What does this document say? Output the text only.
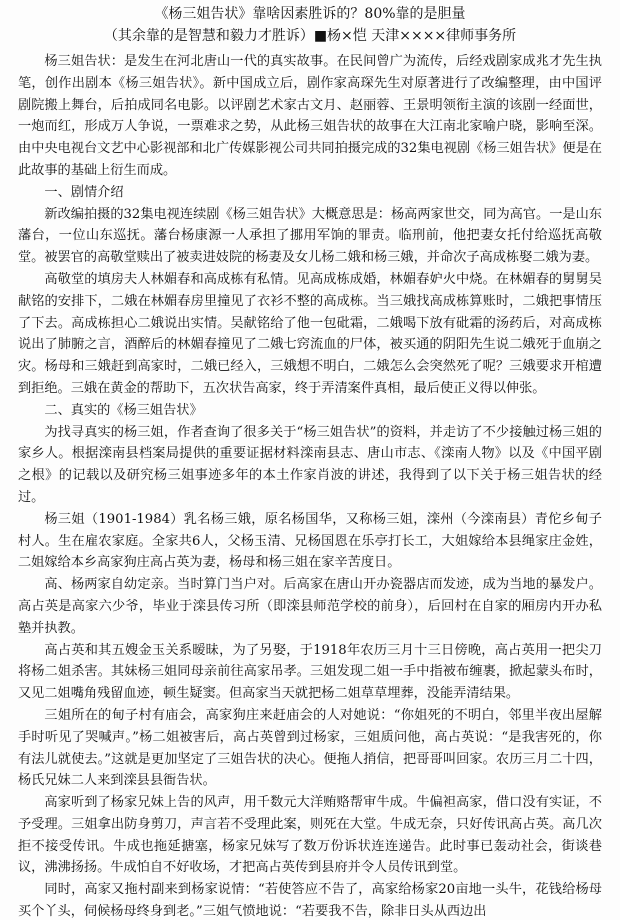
《杨三姐告状》靠啥因素胜诉的？80%靠的是胆量
（其余靠的是智慧和毅力才胜诉）■杨×恺 天津××××律师事务所

杨三姐告状：是发生在河北唐山一代的真实故事。在民间曾广为流传，后经戏剧家成兆才先生执笔，创作出剧本《杨三姐告状》。新中国成立后，剧作家高琛先生对原著进行了改编整理，由中国评剧院搬上舞台，后拍成同名电影。以评剧艺术家古文月、赵丽蓉、王景明领衔主演的该剧一经面世，一炮而红，形成万人争说，一票难求之势，从此杨三姐告状的故事在大江南北家喻户晓，影响至深。由中央电视台文艺中心影视部和北广传媒影视公司共同拍摄完成的32集电视剧《杨三姐告状》便是在此故事的基础上衍生而成。

一、剧情介绍

新改编拍摄的32集电视连续剧《杨三姐告状》大概意思是：杨高两家世交，同为高官。一是山东藩台，一位山东巡抚。藩台杨康源一人承担了挪用军饷的罪责。临刑前，他把妻女托付给巡抚高敬堂。被罢官的高敬堂赎出了被卖进妓院的杨妻及女儿杨二娥和杨三娥，并命次子高成栋娶二娥为妻。

高敬堂的填房夫人林媚春和高成栋有私情。见高成栋成婚，林媚春妒火中烧。在林媚春的舅舅吴献铭的安排下，二娥在林媚春房里撞见了衣衫不整的高成栋。当三娥找高成栋算账时，二娥把事情压了下去。高成栋担心二娥说出实情。吴献铭给了他一包砒霜，二娥喝下放有砒霜的汤药后，对高成栋说出了肺腑之言，酒醉后的林媚春撞见了二娥七窍流血的尸体，被买通的阴阳先生说二娥死于血崩之灾。杨母和三娥赶到高家时，二娥已经入，三娥想不明白，二娥怎么会突然死了呢？三娥要求开棺遭到拒绝。三娥在黄金的帮助下，五次状告高家，终于弄清案件真相，最后使正义得以伸张。

二、真实的《杨三姐告状》

为找寻真实的杨三姐，作者查询了很多关于“杨三姐告状”的资料，并走访了不少接触过杨三姐的家乡人。根据滦南县档案局提供的重要证据材料滦南县志、唐山市志、《滦南人物》以及《中国平剧之根》的记载以及研究杨三姐事迹多年的本土作家肖波的讲述，我得到了以下关于杨三姐告状的经过。

杨三姐（1901-1984）乳名杨三娥，原名杨国华，又称杨三姐，滦州（今滦南县）青佗乡甸子村人。生在雇农家庭。全家共6人，父杨玉清、兄杨国恩在乐亭打长工，大姐嫁给本县绳家庄金姓，二姐嫁给本乡高家狗庄高占英为妻，杨母和杨三姐在家辛苦度日。

高、杨两家自幼定亲。当时算门当户对。后高家在唐山开办瓷器店而发迹，成为当地的暴发户。高占英是高家六少爷，毕业于滦县传习所（即滦县师范学校的前身），后回村在自家的厢房内开办私塾并执教。

高占英和其五嫂金玉关系暧昧，为了另娶，于1918年农历三月十三日傍晚，高占英用一把尖刀将杨二姐杀害。其妹杨三姐同母亲前往高家吊孝。三姐发现二姐一手中指被布缠裹，掀起蒙头布时，又见二姐嘴角残留血迹，顿生疑窦。但高家当天就把杨二姐草草埋葬，没能弄清结果。

三姐所在的甸子村有庙会，高家狗庄来赶庙会的人对她说：“你姐死的不明白，邻里半夜出屋解手时听见了哭喊声。”杨二姐被害后，高占英曾到过杨家，三姐质问他，高占英说：“是我害死的，你有法儿就使去。”这就是更加坚定了三姐告状的决心。便拖人捎信，把哥哥叫回家。农历三月二十四，杨氏兄妹二人来到滦县县衙告状。

高家听到了杨家兄妹上告的风声，用千数元大洋贿赂帮审牛成。牛偏袒高家，借口没有实证，不予受理。三姐拿出防身剪刀，声言若不受理此案，则死在大堂。牛成无奈，只好传讯高占英。高几次拒不接受传讯。牛成也拖延搪塞，杨家兄妹写了数万份诉状连连递告。此时事已轰动社会，街谈巷议，沸沸扬扬。牛成怕自不好收场，才把高占英传到县府并令人员传讯到堂。

同时，高家又拖村副来到杨家说情：“若使答应不告了，高家给杨家20亩地一头牛，花钱给杨母买个丫头，伺候杨母终身到老。”三姐气愤地说：“若要我不告，除非日头从西边出
